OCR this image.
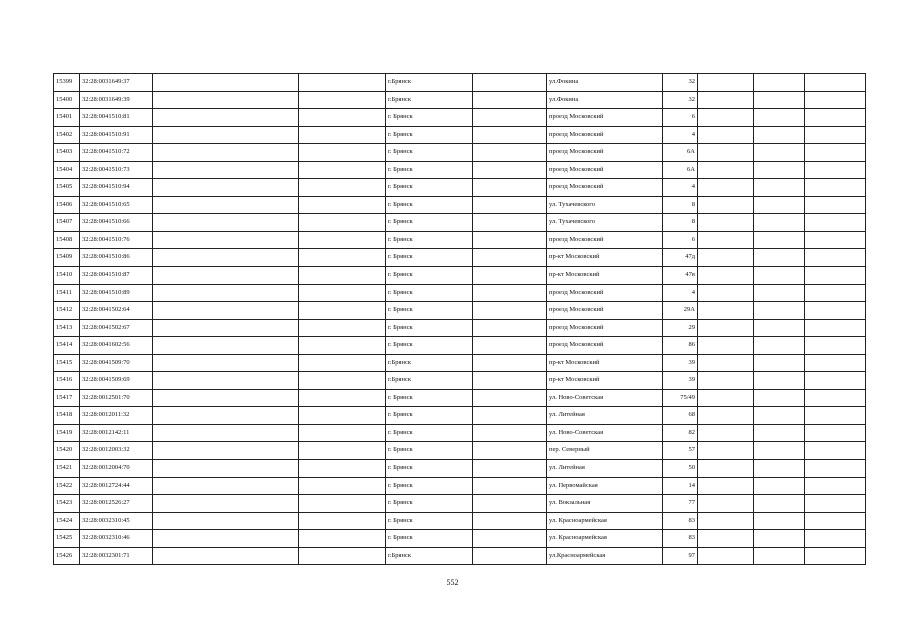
15399	32:28:0031649:37			г.Брянск		ул.Фокина	32			
15400	32:28:0031649:39			г.Брянск		ул.Фокина	32			
15401	32:28:0041510:81			г. Брянск		проезд Московский	6			
15402	32:28:0041510:91			г. Брянск		проезд Московский	4			
15403	32:28:0041510:72			г. Брянск		проезд Московский	6А			
15404	32:28:0041510:73			г. Брянск		проезд Московский	6А			
15405	32:28:0041510:94			г. Брянск		проезд Московский	4			
15406	32:28:0041510:65			г. Брянск		ул. Тухачевского	8			
15407	32:28:0041510:66			г. Брянск		ул. Тухачевского	8			
15408	32:28:0041510:76			г. Брянск		проезд Московский	6			
15409	32:28:0041510:86			г. Брянск		пр-кт Московский	47д			
15410	32:28:0041510:87			г. Брянск		пр-кт Московский	47в			
15411	32:28:0041510:89			г. Брянск		проезд Московский	4			
15412	32:28:0041502:64			г. Брянск		проезд Московский	29А			
15413	32:28:0041502:67			г. Брянск		проезд Московский	29			
15414	32:28:0041602:56			г. Брянск		проезд Московский	86			
15415	32:28:0041509:70			г.Брянск		пр-кт Московский	39			
15416	32:28:0041509:69			г.Брянск		пр-кт Московский	39			
15417	32:28:0012501:70			г. Брянск		ул. Ново-Советская	75/49			
15418	32:28:0012011:32			г. Брянск		ул. Литейная	68			
15419	32:28:0012142:11			г. Брянск		ул. Ново-Советская	82			
15420	32:28:0012003:32			г. Брянск		пер. Северный	57			
15421	32:28:0012004:70			г. Брянск		ул. Литейная	50			
15422	32:28:0012724:44			г. Брянск		ул. Первомайская	14			
15423	32:28:0012526:27			г. Брянск		ул. Вокзальная	77			
15424	32:28:0032310:45			г. Брянск		ул. Красноармейская	83			
15425	32:28:0032310:46			г. Брянск		ул. Красноармейская	83			
15426	32:28:0032301:71			г.Брянск		ул.Красноармейская	97			
552
